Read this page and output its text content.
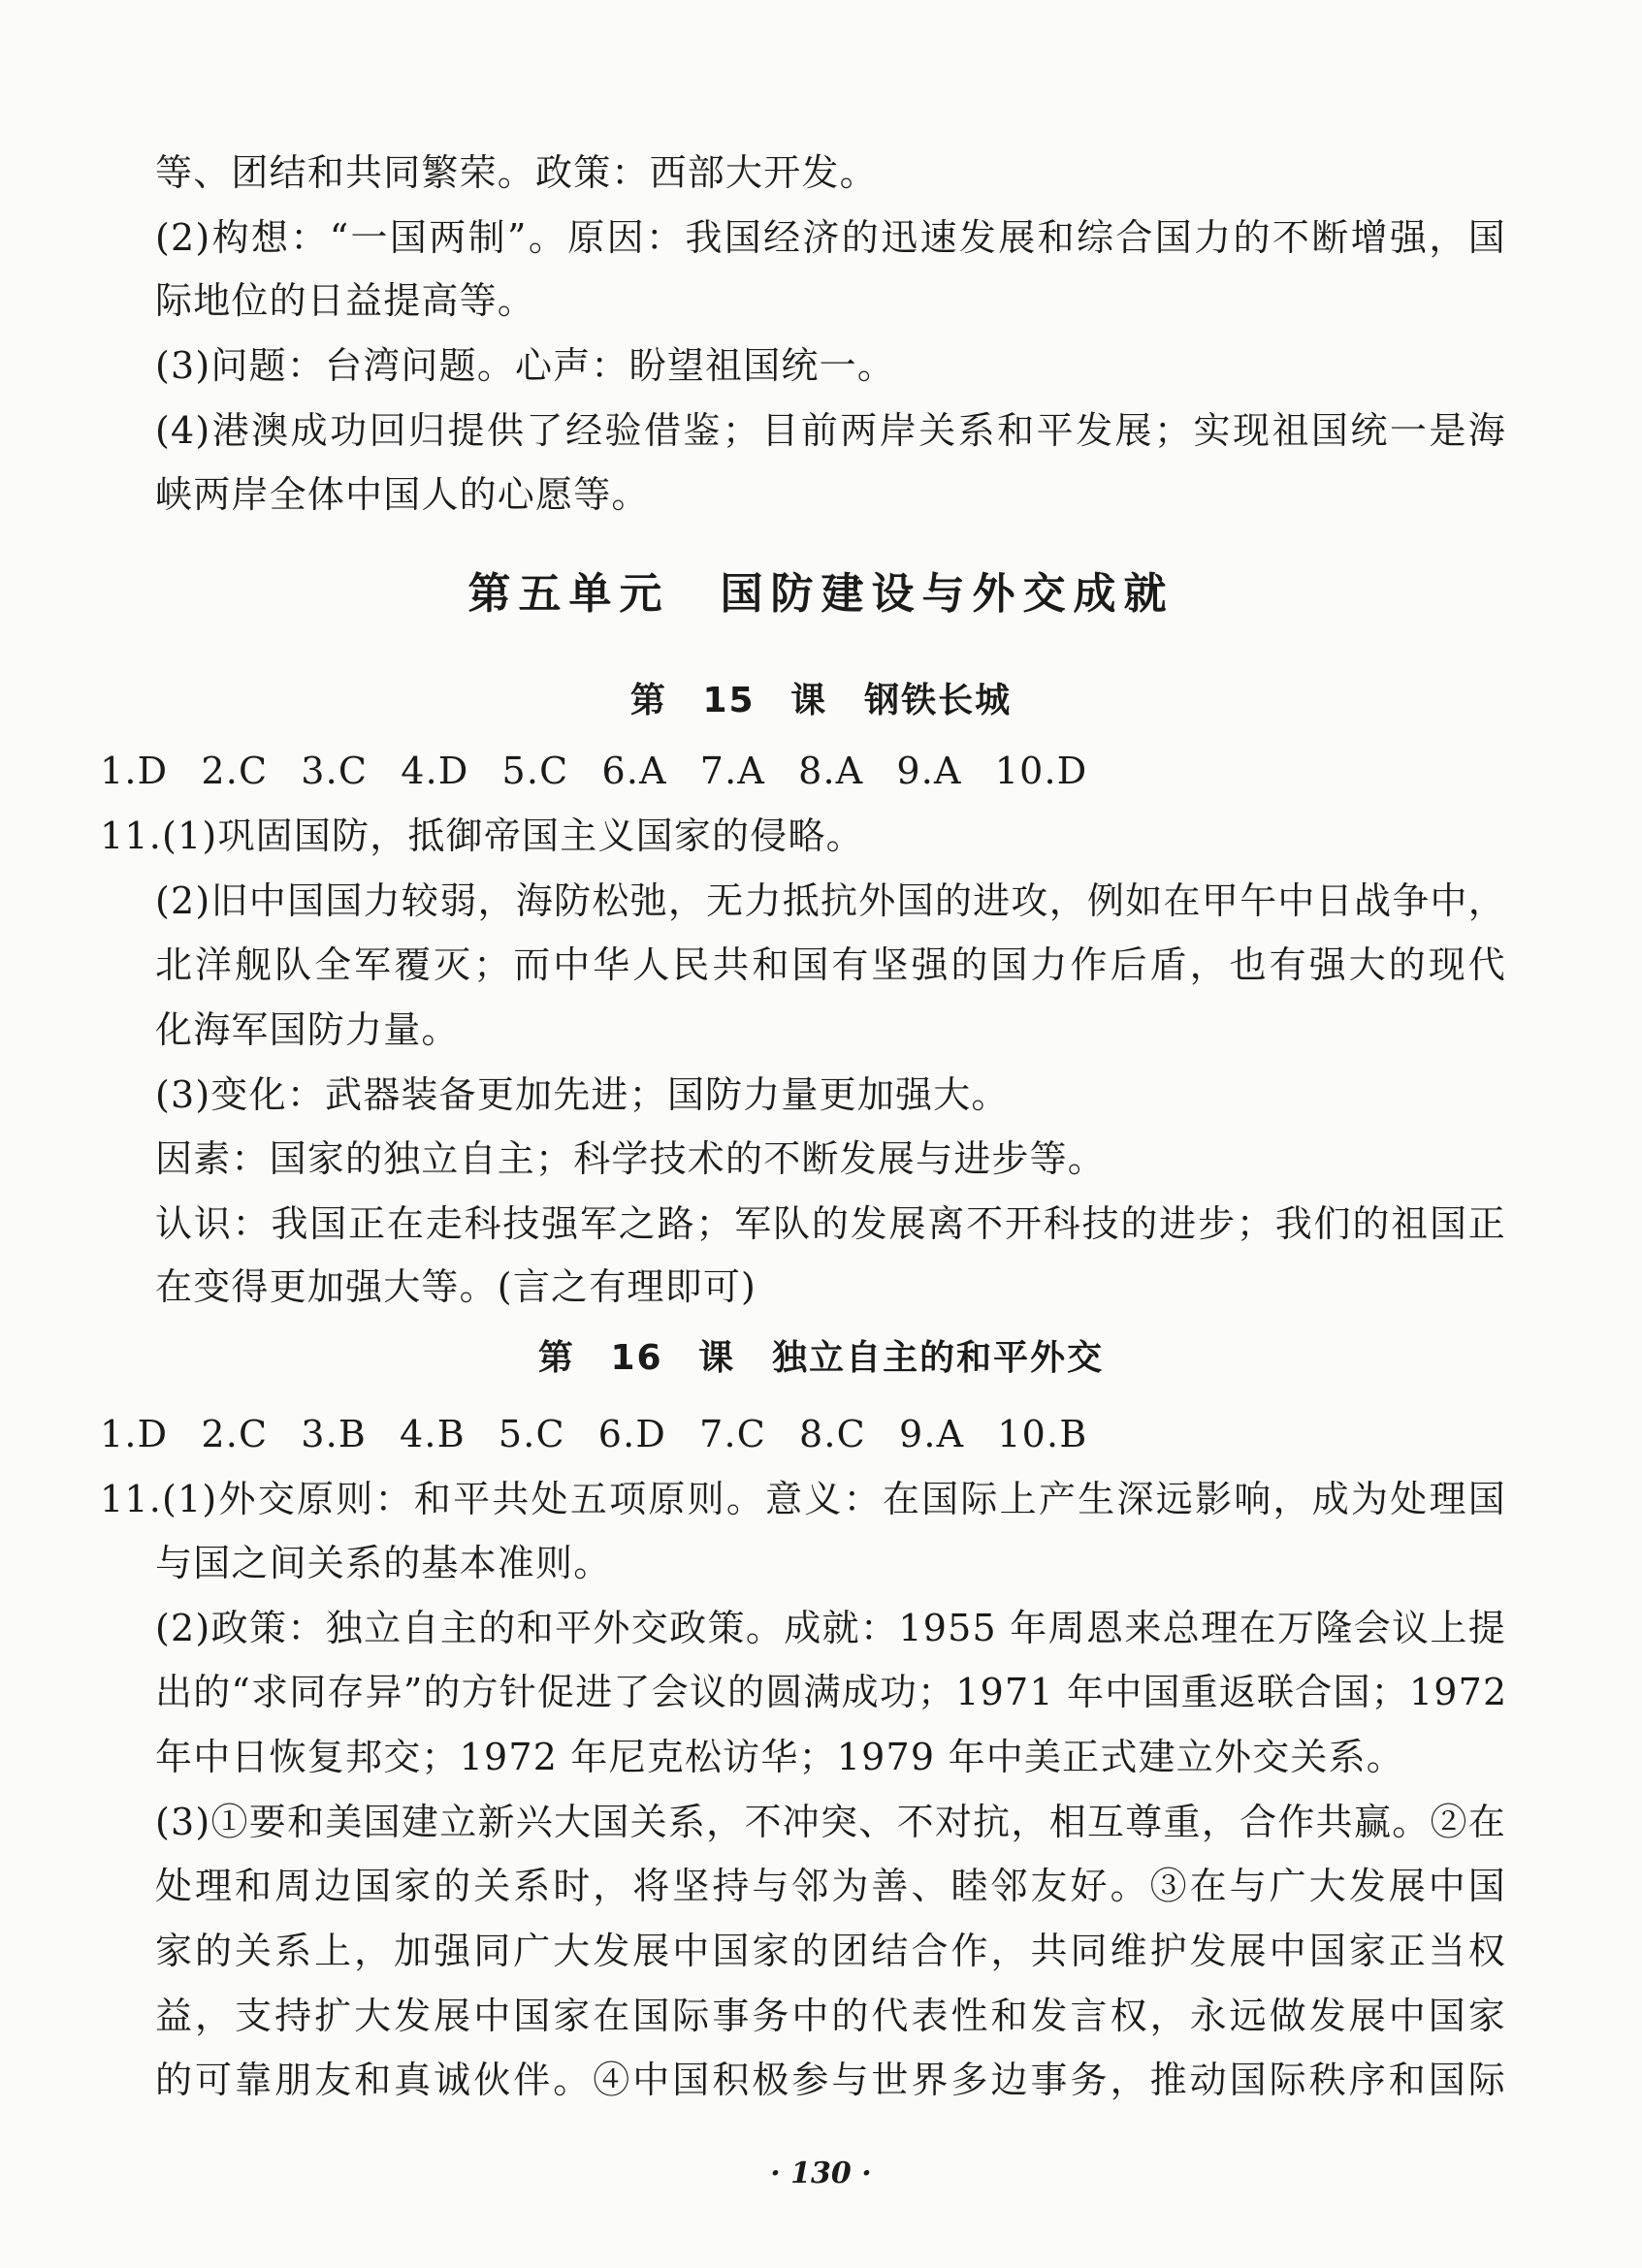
等、团结和共同繁荣。政策：西部大开发。
(2)构想：“一国两制”。原因：我国经济的迅速发展和综合国力的不断增强，国
际地位的日益提高等。
(3)问题：台湾问题。心声：盼望祖国统一。
(4)港澳成功回归提供了经验借鉴；目前两岸关系和平发展；实现祖国统一是海
峡两岸全体中国人的心愿等。
第五单元　国防建设与外交成就
第 15 课　钢铁长城
1.D 2.C 3.C 4.D 5.C 6.A 7.A 8.A 9.A 10.D
11.(1)巩固国防，抵御帝国主义国家的侵略。
(2)旧中国国力较弱，海防松弛，无力抵抗外国的进攻，例如在甲午中日战争中，
北洋舰队全军覆灭；而中华人民共和国有坚强的国力作后盾，也有强大的现代
化海军国防力量。
(3)变化：武器装备更加先进；国防力量更加强大。
因素：国家的独立自主；科学技术的不断发展与进步等。
认识：我国正在走科技强军之路；军队的发展离不开科技的进步；我们的祖国正
在变得更加强大等。(言之有理即可)
第 16 课　独立自主的和平外交
1.D 2.C 3.B 4.B 5.C 6.D 7.C 8.C 9.A 10.B
11.(1)外交原则：和平共处五项原则。意义：在国际上产生深远影响，成为处理国
与国之间关系的基本准则。
(2)政策：独立自主的和平外交政策。成就：1955 年周恩来总理在万隆会议上提
出的“求同存异”的方针促进了会议的圆满成功；1971 年中国重返联合国；1972
年中日恢复邦交；1972 年尼克松访华；1979 年中美正式建立外交关系。
(3)①要和美国建立新兴大国关系，不冲突、不对抗，相互尊重，合作共赢。②在
处理和周边国家的关系时，将坚持与邻为善、睦邻友好。③在与广大发展中国
家的关系上，加强同广大发展中国家的团结合作，共同维护发展中国家正当权
益，支持扩大发展中国家在国际事务中的代表性和发言权，永远做发展中国家
的可靠朋友和真诚伙伴。④中国积极参与世界多边事务，推动国际秩序和国际
· 130 ·
